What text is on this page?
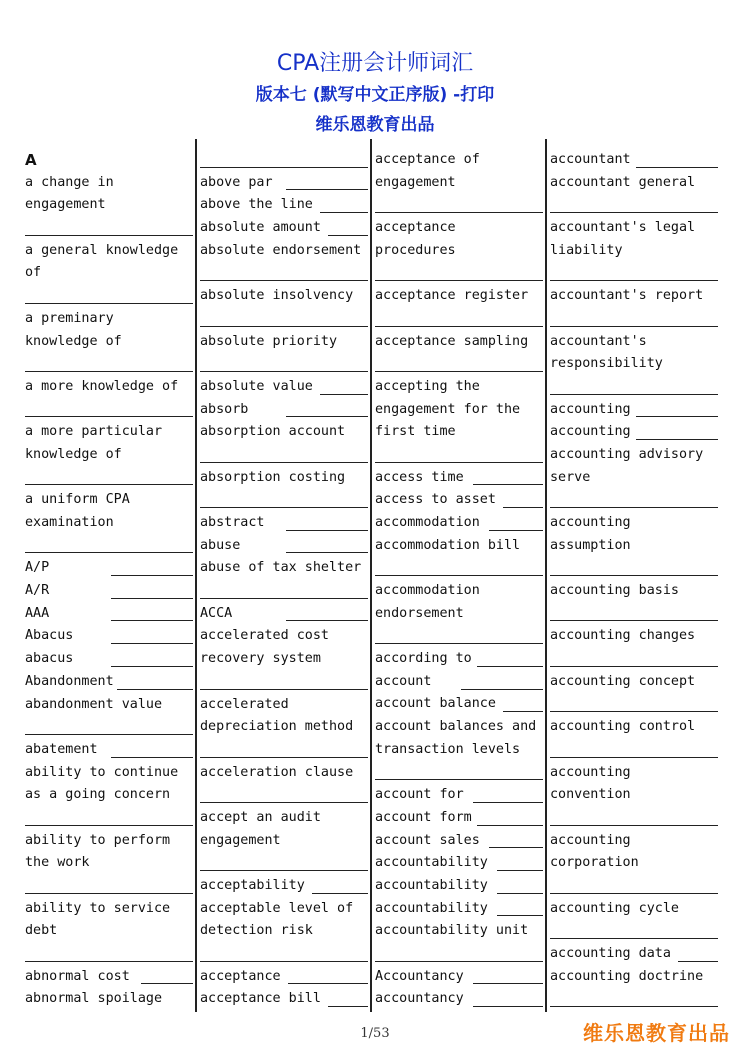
CPA注册会计师词汇
版本七 (默写中文正序版) -打印
维乐恩教育出品
A
a change in
engagement
a general knowledge
of
a preminary
knowledge of
a more knowledge of
a more particular
knowledge of
a uniform CPA
examination
A/P
A/R
AAA
Abacus
abacus
Abandonment
abandonment value
abatement
ability to continue
as a going concern
ability to perform
the work
ability to service
debt
abnormal cost
abnormal spoilage
above par
above the line
absolute amount
absolute endorsement
absolute insolvency
absolute priority
absolute value
absorb
absorption account
absorption costing
abstract
abuse
abuse of tax shelter
ACCA
accelerated cost
recovery system
accelerated
depreciation method
acceleration clause
accept an audit
engagement
acceptability
acceptable level of
detection risk
acceptance
acceptance bill
acceptance of
engagement
acceptance
procedures
acceptance register
acceptance sampling
accepting the
engagement for the
first time
access time
access to asset
accommodation
accommodation bill
accommodation
endorsement
according to
account
account balance
account balances and
transaction levels
account for
account form
account sales
accountability
accountability
accountability
accountability unit
Accountancy
accountancy
accountant
accountant general
accountant's legal
liability
accountant's report
accountant's
responsibility
accounting
accounting
accounting advisory
serve
accounting
assumption
accounting basis
accounting changes
accounting concept
accounting control
accounting
convention
accounting
corporation
accounting cycle
accounting data
accounting doctrine
1/53	维乐恩教育出品
